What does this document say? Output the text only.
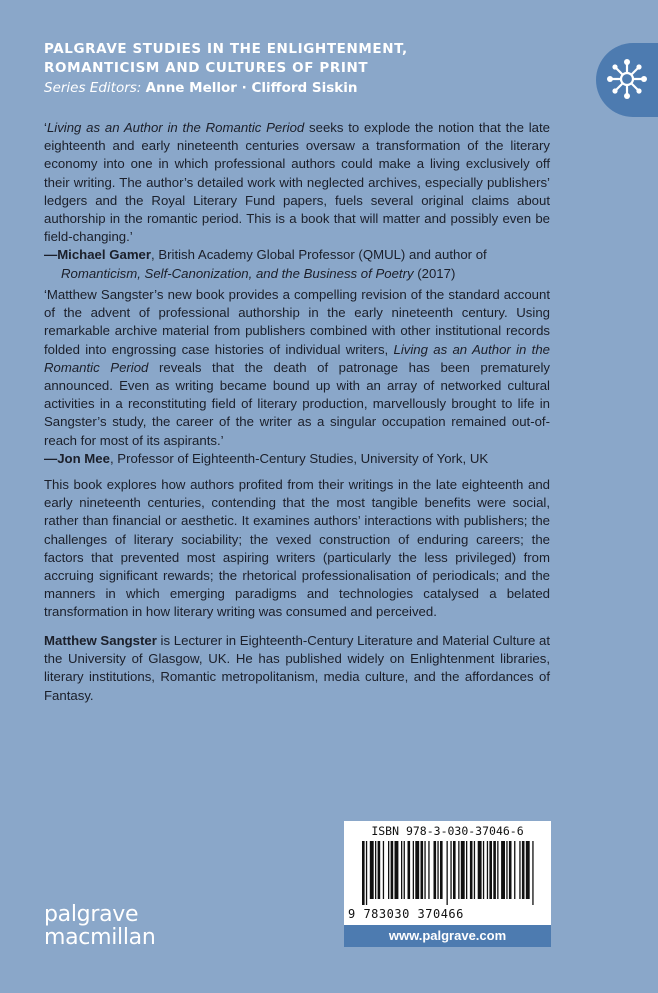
PALGRAVE STUDIES IN THE ENLIGHTENMENT,
ROMANTICISM AND CULTURES OF PRINT
Series Editors: Anne Mellor · Clifford Siskin

‘Living as an Author in the Romantic Period seeks to explode the notion that the late eighteenth and early nineteenth centuries oversaw a transformation of the literary economy into one in which professional authors could make a living exclusively off their writing. The author’s detailed work with neglected archives, especially publishers’ ledgers and the Royal Literary Fund papers, fuels several original claims about authorship in the romantic period. This is a book that will matter and possibly even be field-changing.’

—Michael Gamer, British Academy Global Professor (QMUL) and author of
Romanticism, Self-Canonization, and the Business of Poetry (2017)

‘Matthew Sangster’s new book provides a compelling revision of the standard account of the advent of professional authorship in the early nineteenth century. Using remarkable archive material from publishers combined with other institutional records folded into engrossing case histories of individual writers, Living as an Author in the Romantic Period reveals that the death of patronage has been prematurely announced. Even as writing became bound up with an array of networked cultural activities in a reconstituting field of literary production, marvellously brought to life in Sangster’s study, the career of the writer as a singular occupation remained out-of-reach for most of its aspirants.’

—Jon Mee, Professor of Eighteenth-Century Studies, University of York, UK

This book explores how authors profited from their writings in the late eighteenth and early nineteenth centuries, contending that the most tangible benefits were social, rather than financial or aesthetic. It examines authors’ interactions with publishers; the challenges of literary sociability; the vexed construction of enduring careers; the factors that prevented most aspiring writers (particularly the less privileged) from accruing significant rewards; the rhetorical professionalisation of periodicals; and the manners in which emerging paradigms and technologies catalysed a belated transformation in how literary writing was consumed and perceived.

Matthew Sangster is Lecturer in Eighteenth-Century Literature and Material Culture at the University of Glasgow, UK. He has published widely on Enlightenment libraries, literary institutions, Romantic metropolitanism, media culture, and the affordances of Fantasy.

ISBN 978-3-030-37046-6
9 783030 370466
www.palgrave.com
palgrave
macmillan
